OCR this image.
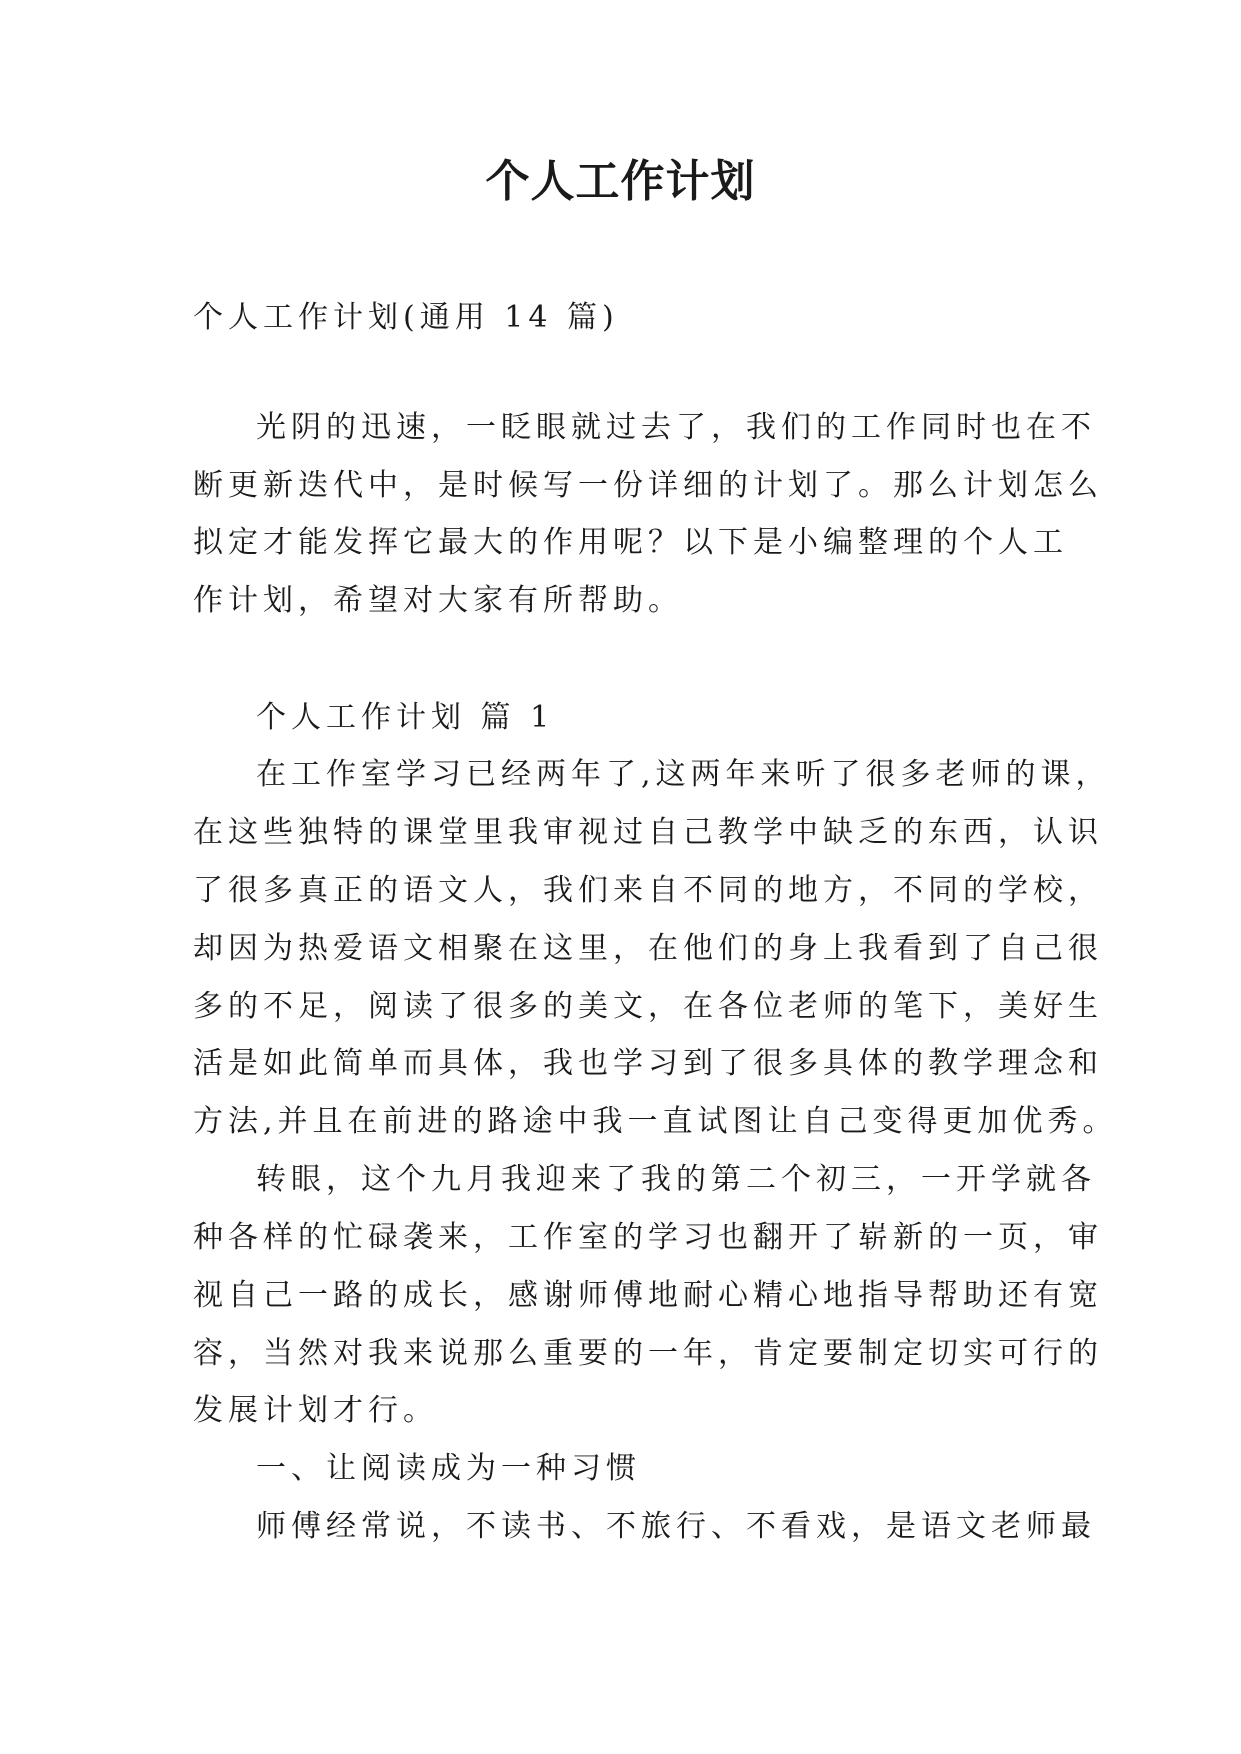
个人工作计划
个人工作计划(通用 14 篇)
光阴的迅速，一眨眼就过去了，我们的工作同时也在不
断更新迭代中，是时候写一份详细的计划了。那么计划怎么
拟定才能发挥它最大的作用呢？以下是小编整理的个人工
作计划，希望对大家有所帮助。
个人工作计划 篇 1
在工作室学习已经两年了,这两年来听了很多老师的课，
在这些独特的课堂里我审视过自己教学中缺乏的东西，认识
了很多真正的语文人，我们来自不同的地方，不同的学校，
却因为热爱语文相聚在这里，在他们的身上我看到了自己很
多的不足，阅读了很多的美文，在各位老师的笔下，美好生
活是如此简单而具体，我也学习到了很多具体的教学理念和
方法,并且在前进的路途中我一直试图让自己变得更加优秀。
转眼，这个九月我迎来了我的第二个初三，一开学就各
种各样的忙碌袭来，工作室的学习也翻开了崭新的一页，审
视自己一路的成长，感谢师傅地耐心精心地指导帮助还有宽
容，当然对我来说那么重要的一年，肯定要制定切实可行的
发展计划才行。
一、让阅读成为一种习惯
师傅经常说，不读书、不旅行、不看戏，是语文老师最
